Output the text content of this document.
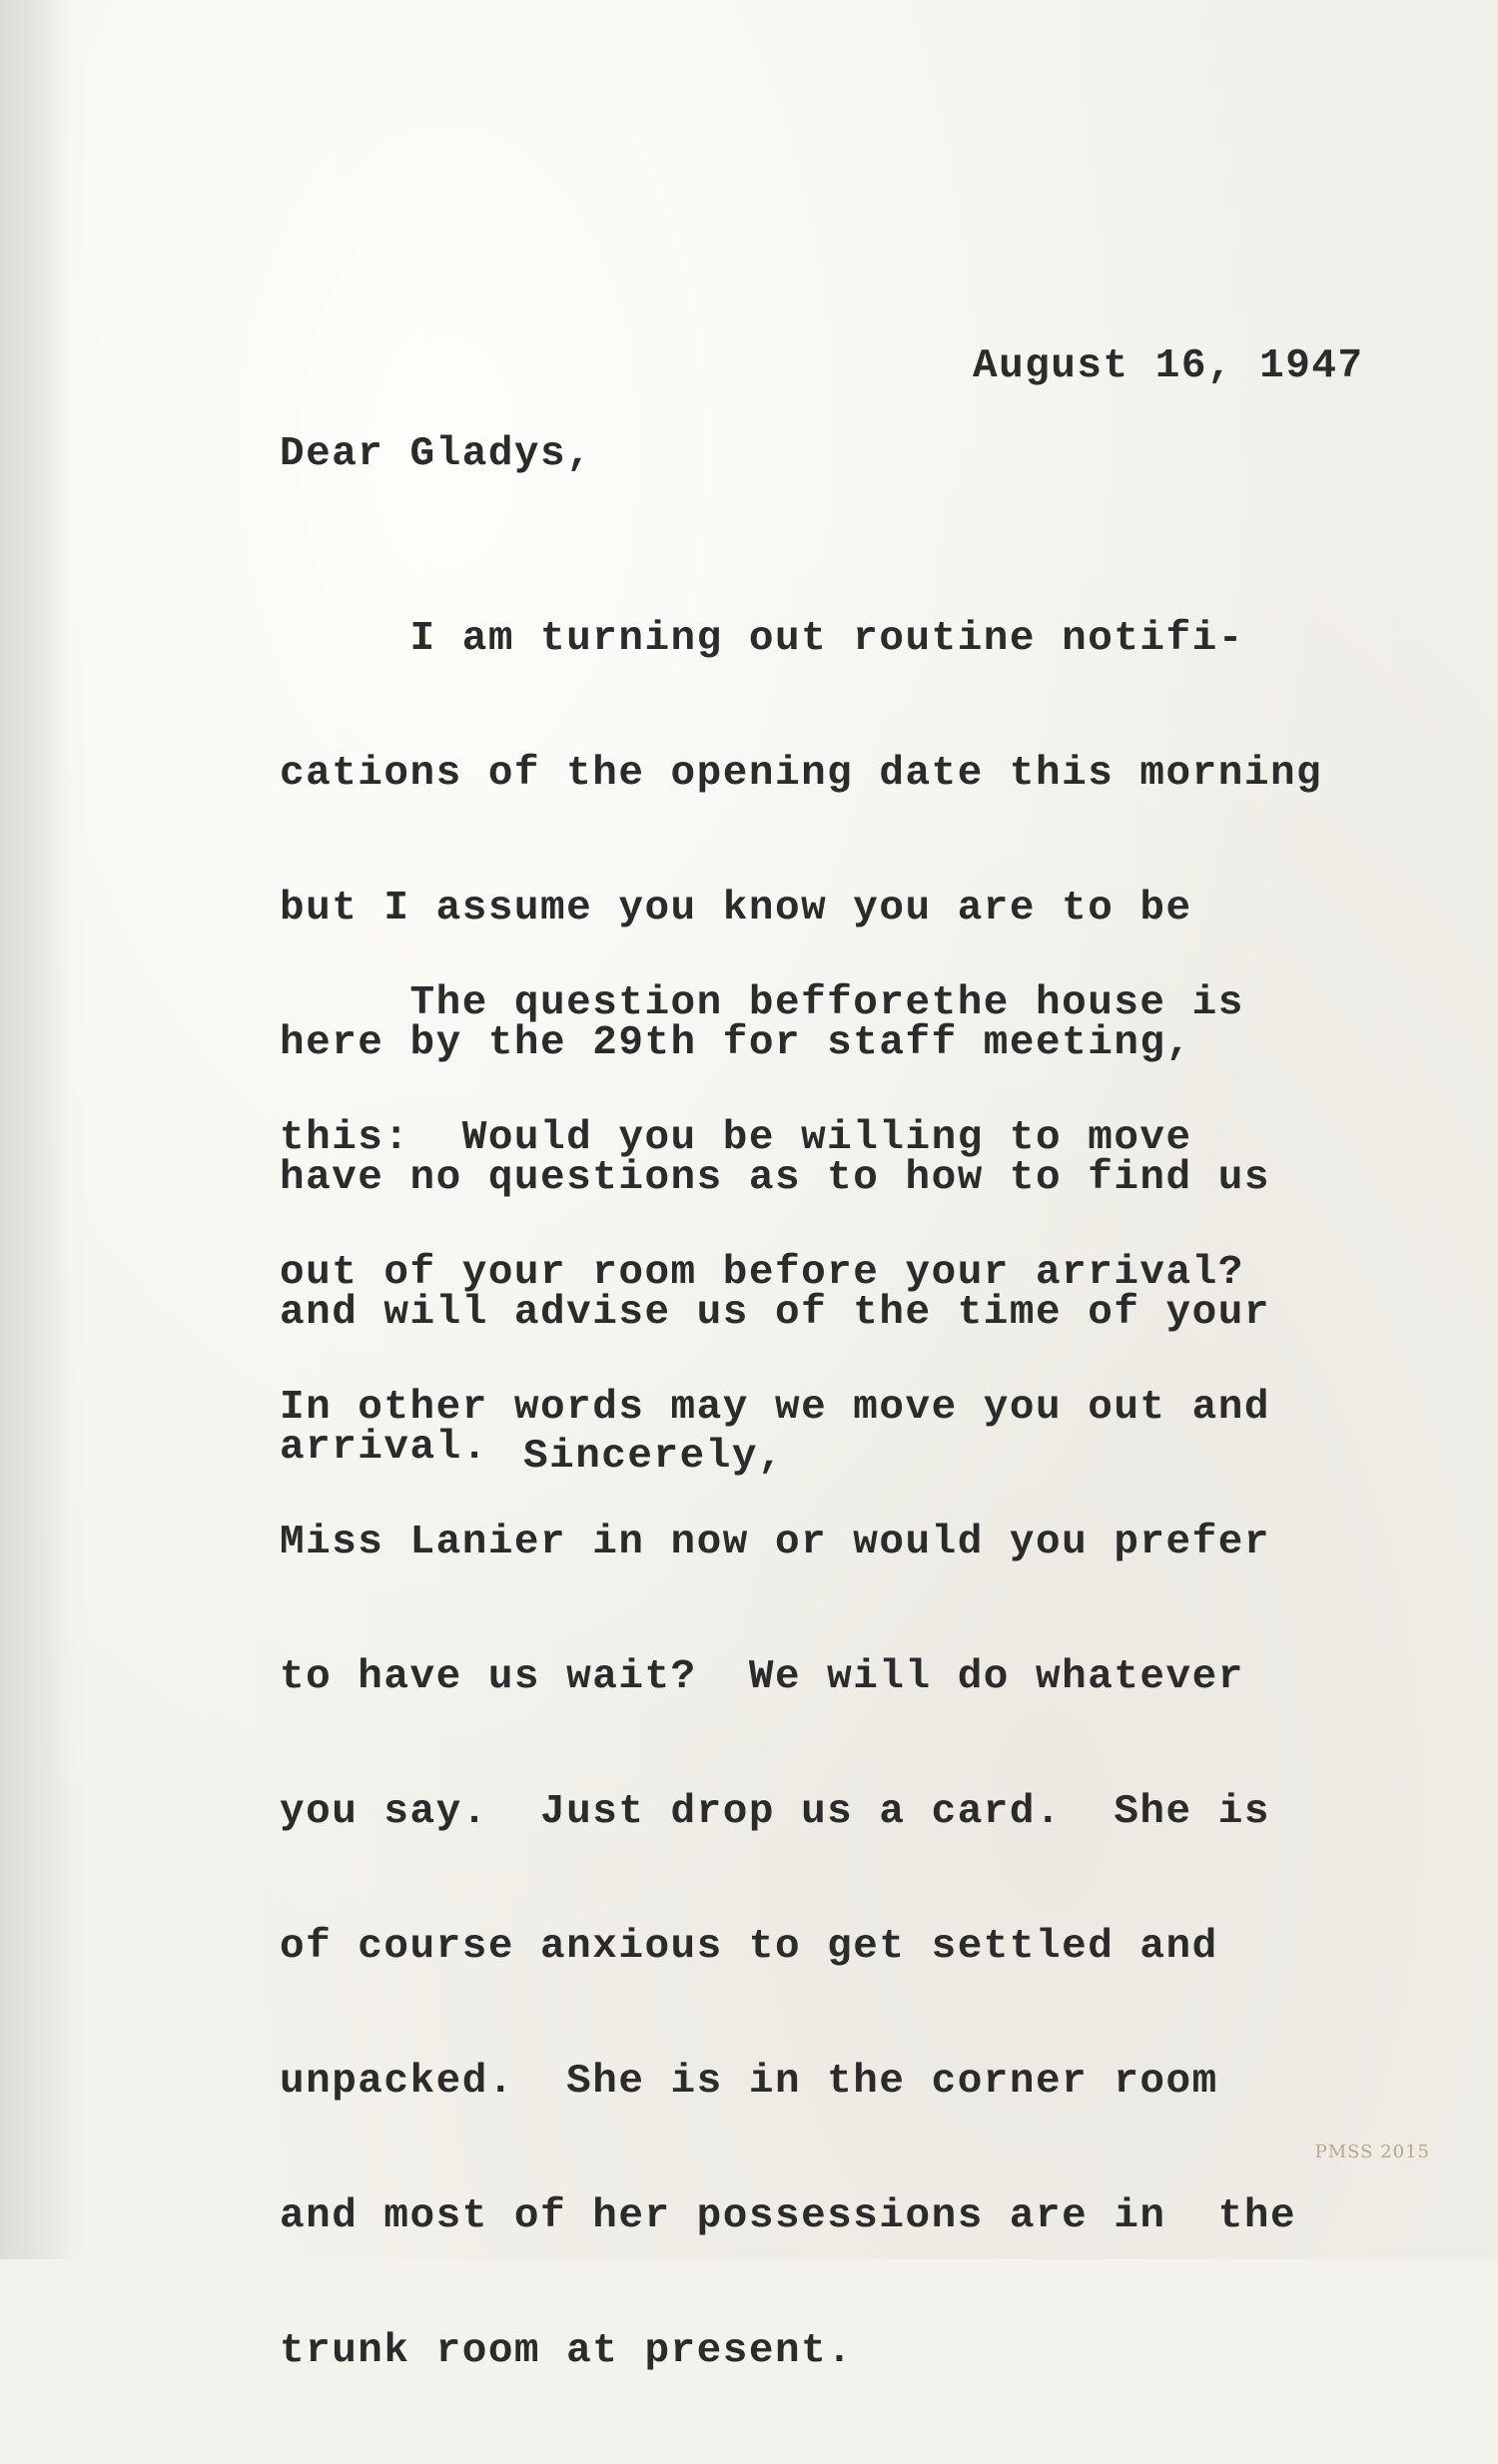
August 16, 1947
Dear Gladys,

I am turning out routine notifi-

cations of the opening date this morning

but I assume you know you are to be

here by the 29th for staff meeting,

have no questions as to how to find us

and will advise us of the time of your

arrival.

The question befforethe house is

this:  Would you be willing to move

out of your room before your arrival?

In other words may we move you out and

Miss Lanier in now or would you prefer

to have us wait?  We will do whatever

you say.  Just drop us a card.  She is

of course anxious to get settled and

unpacked.  She is in the corner room

and most of her possessions are in  the

trunk room at present.

Sincerely,
PMSS 2015
